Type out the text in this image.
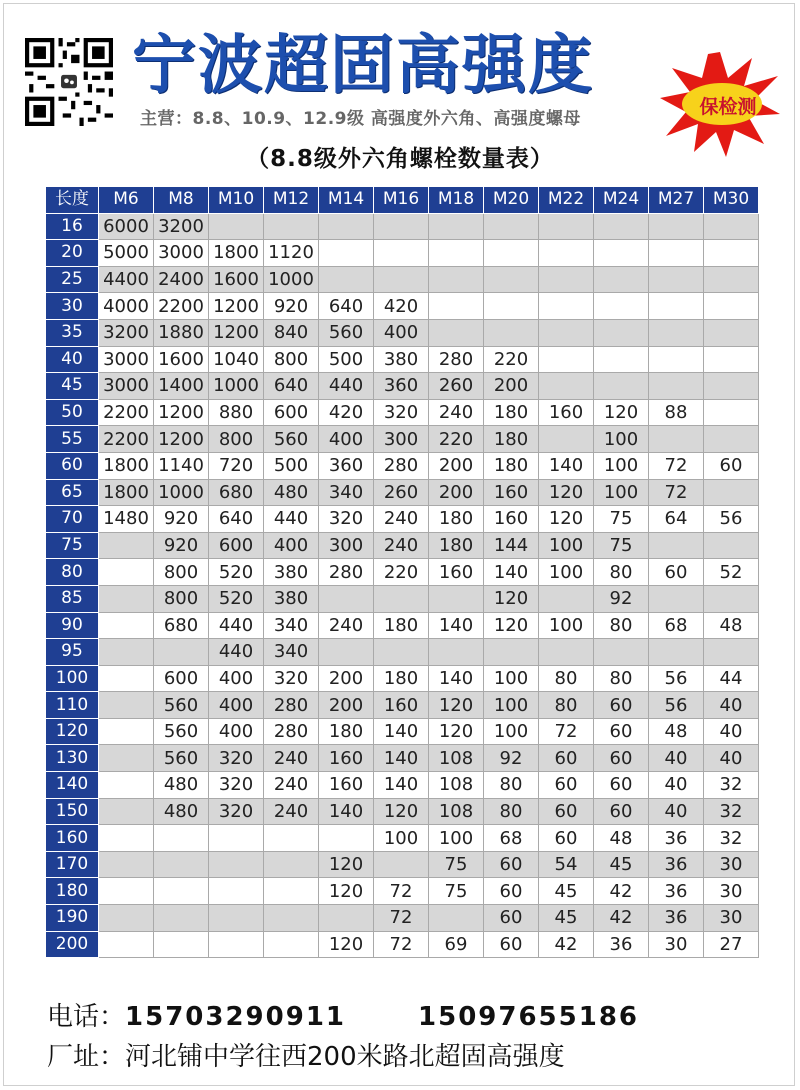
宁波超固高强度
主营：8.8、10.9、12.9级 高强度外六角、高强度螺母
保检测
（8.8级外六角螺栓数量表）
长度	M6	M8	M10	M12	M14	M16	M18	M20	M22	M24	M27	M30
16	6000	3200										
20	5000	3000	1800	1120								
25	4400	2400	1600	1000								
30	4000	2200	1200	920	640	420						
35	3200	1880	1200	840	560	400						
40	3000	1600	1040	800	500	380	280	220				
45	3000	1400	1000	640	440	360	260	200				
50	2200	1200	880	600	420	320	240	180	160	120	88	
55	2200	1200	800	560	400	300	220	180		100		
60	1800	1140	720	500	360	280	200	180	140	100	72	60
65	1800	1000	680	480	340	260	200	160	120	100	72	
70	1480	920	640	440	320	240	180	160	120	75	64	56
75		920	600	400	300	240	180	144	100	75		
80		800	520	380	280	220	160	140	100	80	60	52
85		800	520	380				120		92		
90		680	440	340	240	180	140	120	100	80	68	48
95			440	340								
100		600	400	320	200	180	140	100	80	80	56	44
110		560	400	280	200	160	120	100	80	60	56	40
120		560	400	280	180	140	120	100	72	60	48	40
130		560	320	240	160	140	108	92	60	60	40	40
140		480	320	240	160	140	108	80	60	60	40	32
150		480	320	240	140	120	108	80	60	60	40	32
160						100	100	68	60	48	36	32
170					120		75	60	54	45	36	30
180					120	72	75	60	45	42	36	30
190						72		60	45	42	36	30
200					120	72	69	60	42	36	30	27
电话：15703290911	15097655186
厂址：河北铺中学往西200米路北超固高强度
